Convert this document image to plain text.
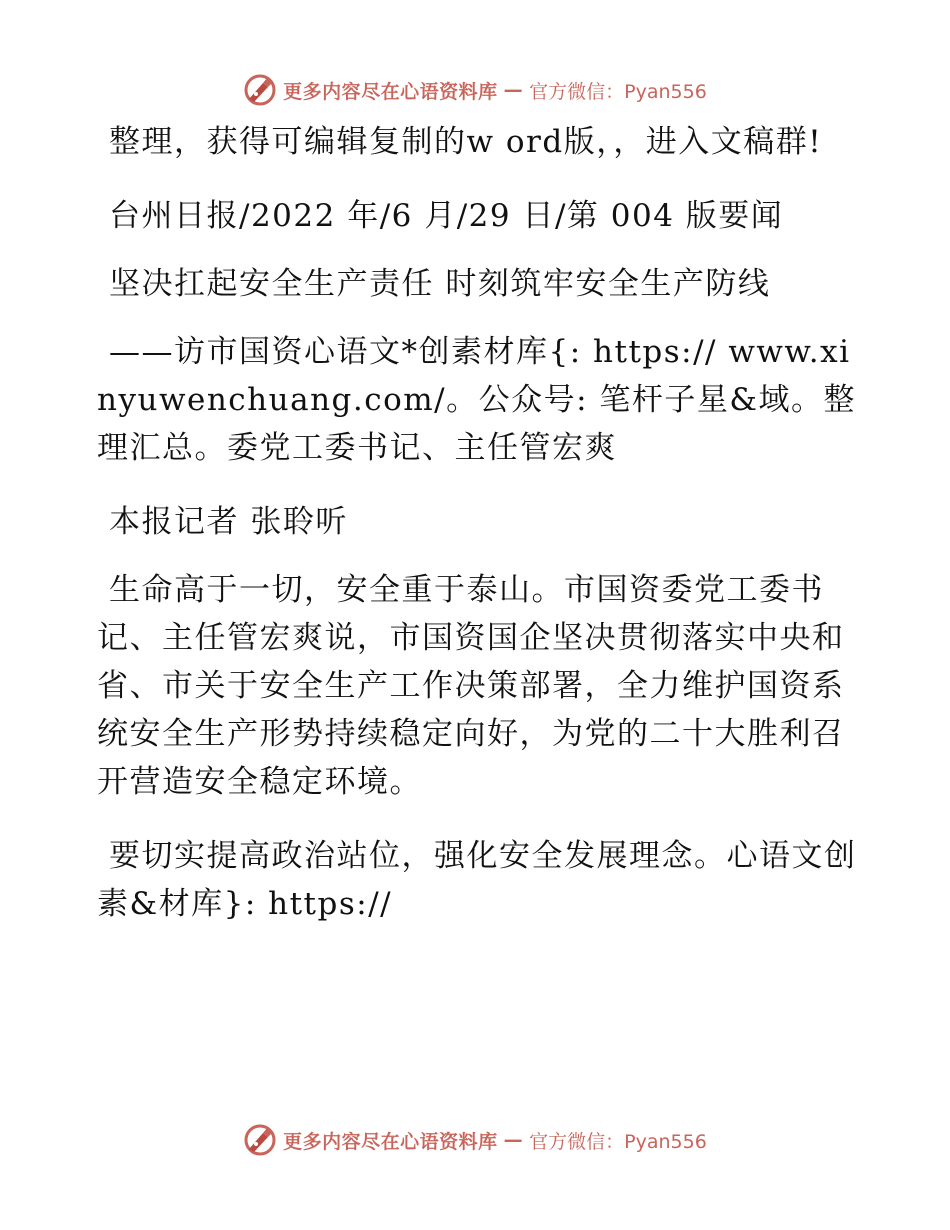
更多内容尽在心语资料库 — 官方微信：Pyan556

整理，获得可编辑复制的w ord版，，进入文稿群!

台州日报/2022 年/6 月/29 日/第 004 版要闻

坚决扛起安全生产责任 时刻筑牢安全生产防线

——访市国资心语文*创素材库{: https:// www.xinyuwenchuang.com/。公众号: 笔杆子星&域。整理汇总。委党工委书记、主任管宏爽

本报记者 张聆听

生命高于一切，安全重于泰山。市国资委党工委书记、主任管宏爽说，市国资国企坚决贯彻落实中央和省、市关于安全生产工作决策部署，全力维护国资系统安全生产形势持续稳定向好，为党的二十大胜利召开营造安全稳定环境。

要切实提高政治站位，强化安全发展理念。心语文创素&材库}: https://

更多内容尽在心语资料库 — 官方微信：Pyan556
